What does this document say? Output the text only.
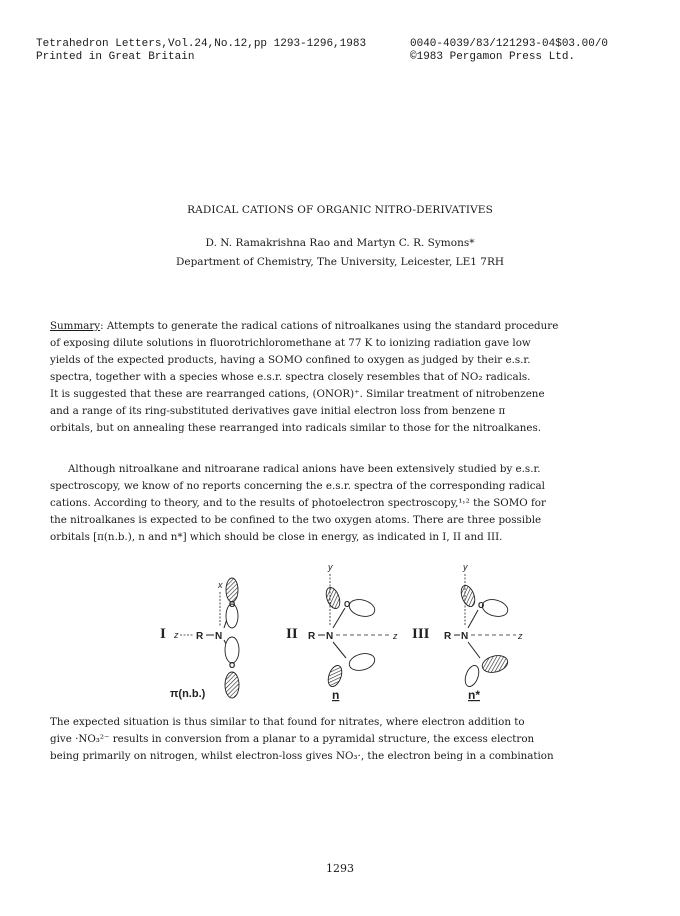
Tetrahedron Letters,Vol.24,No.12,pp 1293-1296,1983
Printed in Great Britain
0040-4039/83/121293-04$03.00/0
©1983 Pergamon Press Ltd.
RADICAL CATIONS OF ORGANIC NITRO-DERIVATIVES
D. N. Ramakrishna Rao and Martyn C. R. Symons*
Department of Chemistry, The University, Leicester, LE1 7RH
Summary: Attempts to generate the radical cations of nitroalkanes using the standard procedure
of exposing dilute solutions in fluorotrichloromethane at 77 K to ionizing radiation gave low
yields of the expected products, having a SOMO confined to oxygen as judged by their e.s.r.
spectra, together with a species whose e.s.r. spectra closely resembles that of NO₂ radicals.
It is suggested that these are rearranged cations, (ONOR)⁺. Similar treatment of nitrobenzene
and a range of its ring-substituted derivatives gave initial electron loss from benzene π
orbitals, but on annealing these rearranged into radicals similar to those for the nitroalkanes.
Although nitroalkane and nitroarane radical anions have been extensively studied by e.s.r.
spectroscopy, we know of no reports concerning the e.s.r. spectra of the corresponding radical
cations. According to theory, and to the results of photoelectron spectroscopy,¹˒² the SOMO for
the nitroalkanes is expected to be confined to the two oxygen atoms. There are three possible
orbitals [π(n.b.), n and n*] which should be close in energy, as indicated in I, II and III.
I z R N
x
O
O
π(n.b.)
II R N	z
y
O
n
III R N	z
y
O
n*
The expected situation is thus similar to that found for nitrates, where electron addition to
give ·NO₃²⁻ results in conversion from a planar to a pyramidal structure, the excess electron
being primarily on nitrogen, whilst electron-loss gives NO₃·, the electron being in a combination
1293
